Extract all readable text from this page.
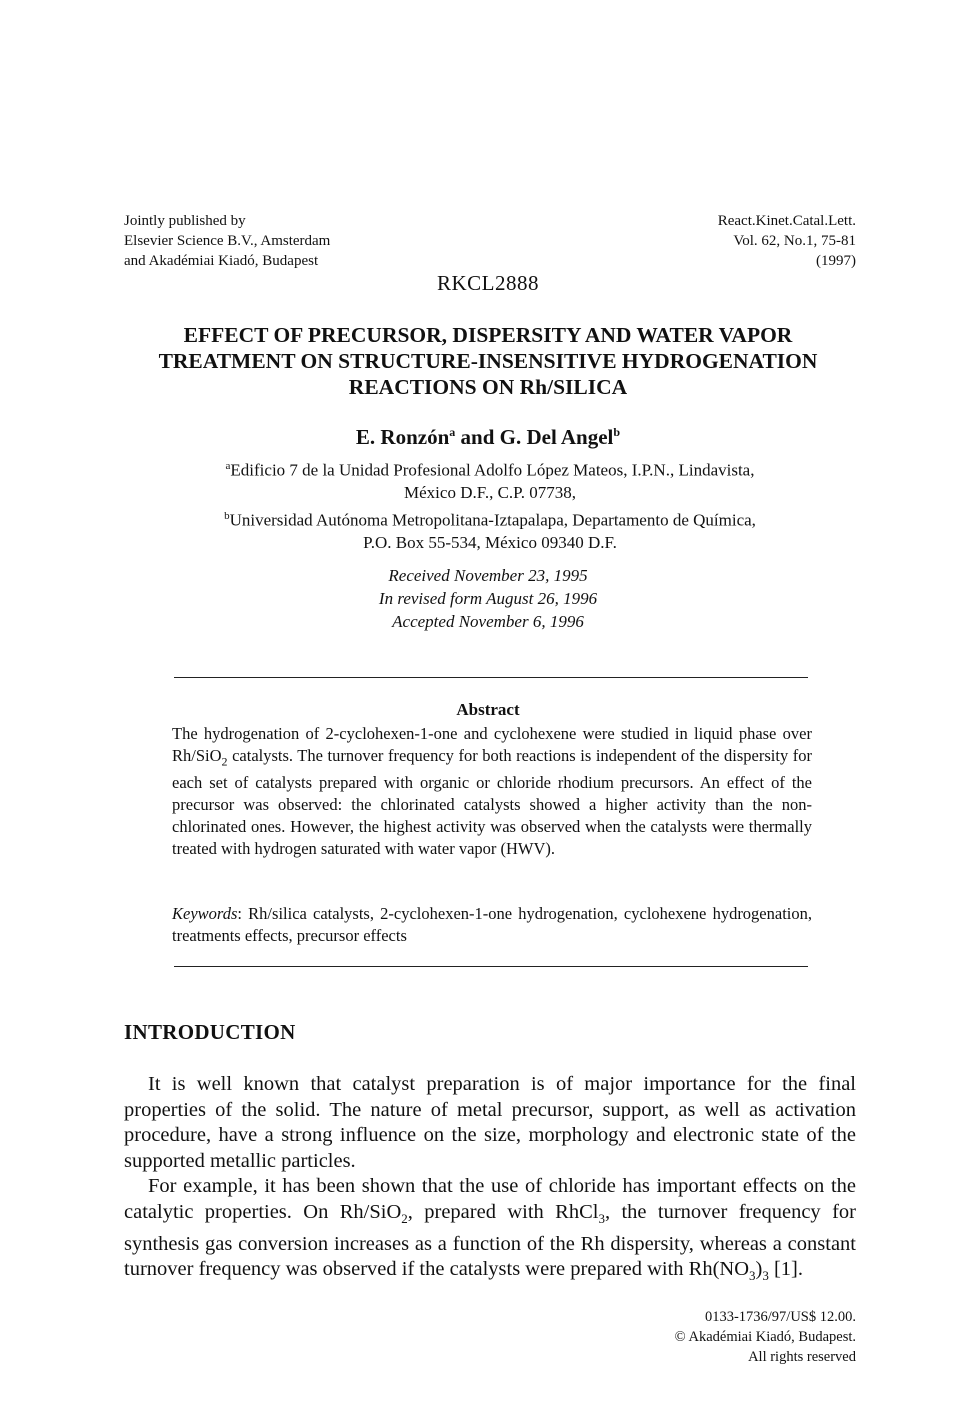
Jointly published by
Elsevier Science B.V., Amsterdam
and Akadémiai Kiadó, Budapest
React.Kinet.Catal.Lett.
Vol. 62, No.1, 75-81
(1997)
RKCL2888
EFFECT OF PRECURSOR, DISPERSITY AND WATER VAPOR
TREATMENT ON STRUCTURE-INSENSITIVE HYDROGENATION
REACTIONS ON Rh/SILICA
E. Ronzón$^a$ and G. Del Angel$^b$
$^a$Edificio 7 de la Unidad Profesional Adolfo López Mateos, I.P.N., Lindavista,
México D.F., C.P. 07738,
$^b$Universidad Autónoma Metropolitana-Iztapalapa, Departamento de Química,
P.O. Box 55-534, México 09340 D.F.
Received November 23, 1995
In revised form August 26, 1996
Accepted November 6, 1996
Abstract

The hydrogenation of 2-cyclohexen-1-one and cyclohexene were studied in liquid phase over Rh/SiO$_2$ catalysts. The turnover frequency for both reactions is independent of the dispersity for each set of catalysts prepared with organic or chloride rhodium precursors. An effect of the precursor was observed: the chlorinated catalysts showed a higher activity than the non-chlorinated ones. However, the highest activity was observed when the catalysts were thermally treated with hydrogen saturated with water vapor (HWV).

Keywords: Rh/silica catalysts, 2-cyclohexen-1-one hydrogenation, cyclohexene hydrogenation, treatments effects, precursor effects
INTRODUCTION

It is well known that catalyst preparation is of major importance for the final properties of the solid. The nature of metal precursor, support, as well as activation procedure, have a strong influence on the size, morphology and electronic state of the supported metallic particles.

For example, it has been shown that the use of chloride has important effects on the catalytic properties. On Rh/SiO$_2$, prepared with RhCl$_3$, the turnover frequency for synthesis gas conversion increases as a function of the Rh dispersity, whereas a constant turnover frequency was observed if the catalysts were prepared with $Rh(NO_3)_3$ [1].

0133-1736/97/US$ 12.00.
© Akadémiai Kiadó, Budapest.
All rights reserved
